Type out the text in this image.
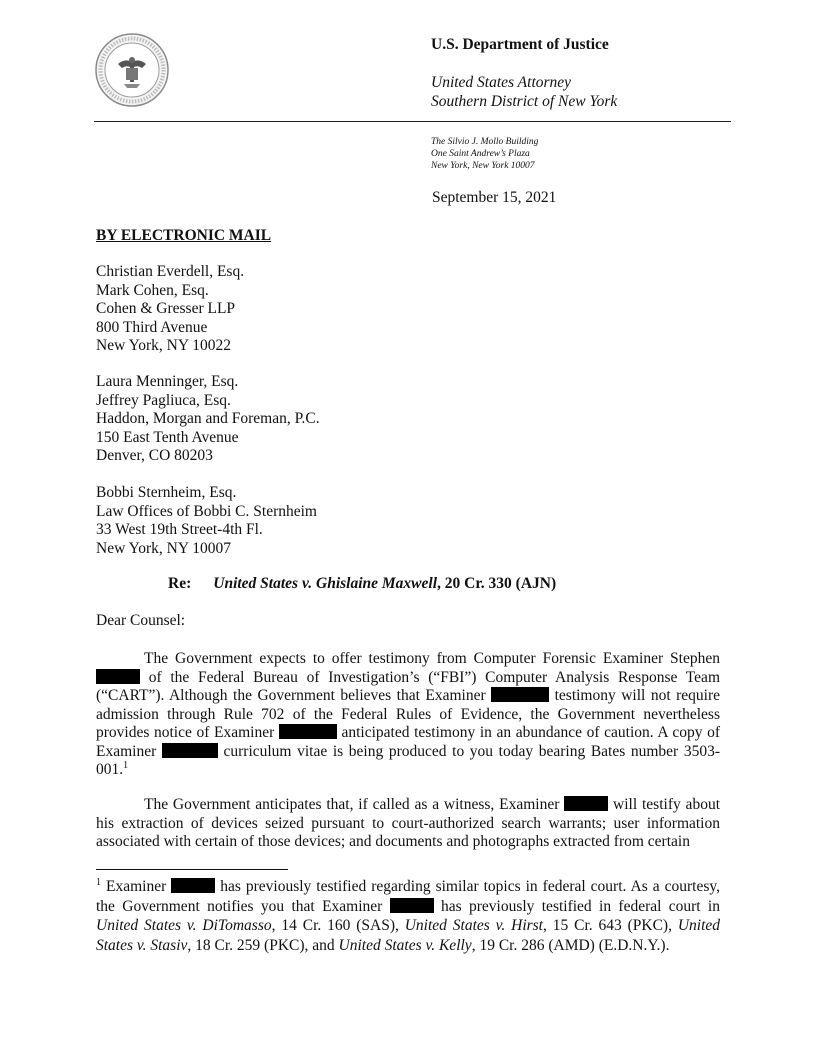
U.S. Department of Justice
United States Attorney
Southern District of New York
The Silvio J. Mollo Building
One Saint Andrew’s Plaza
New York, New York 10007
September 15, 2021
BY ELECTRONIC MAIL
Christian Everdell, Esq.
Mark Cohen, Esq.
Cohen & Gresser LLP
800 Third Avenue
New York, NY 10022
Laura Menninger, Esq.
Jeffrey Pagliuca, Esq.
Haddon, Morgan and Foreman, P.C.
150 East Tenth Avenue
Denver, CO 80203
Bobbi Sternheim, Esq.
Law Offices of Bobbi C. Sternheim
33 West 19th Street-4th Fl.
New York, NY 10007
Re: United States v. Ghislaine Maxwell, 20 Cr. 330 (AJN)
Dear Counsel:
The Government expects to offer testimony from Computer Forensic Examiner Stephen  of the Federal Bureau of Investigation’s (“FBI”) Computer Analysis Response Team (“CART”). Although the Government believes that Examiner	testimony will not require admission through Rule 702 of the Federal Rules of Evidence, the Government nevertheless provides notice of Examiner	anticipated testimony in an abundance of caution. A copy of Examiner	curriculum vitae is being produced to you today bearing Bates number 3503-001.$^1$
The Government anticipates that, if called as a witness, Examiner	will testify about his extraction of devices seized pursuant to court-authorized search warrants; user information associated with certain of those devices; and documents and photographs extracted from certain
$^1$ Examiner	has previously testified regarding similar topics in federal court. As a courtesy, the Government notifies you that Examiner	has previously testified in federal court in United States v. DiTomasso, 14 Cr. 160 (SAS), United States v. Hirst, 15 Cr. 643 (PKC), United States v. Stasiv, 18 Cr. 259 (PKC), and United States v. Kelly, 19 Cr. 286 (AMD) (E.D.N.Y.).
